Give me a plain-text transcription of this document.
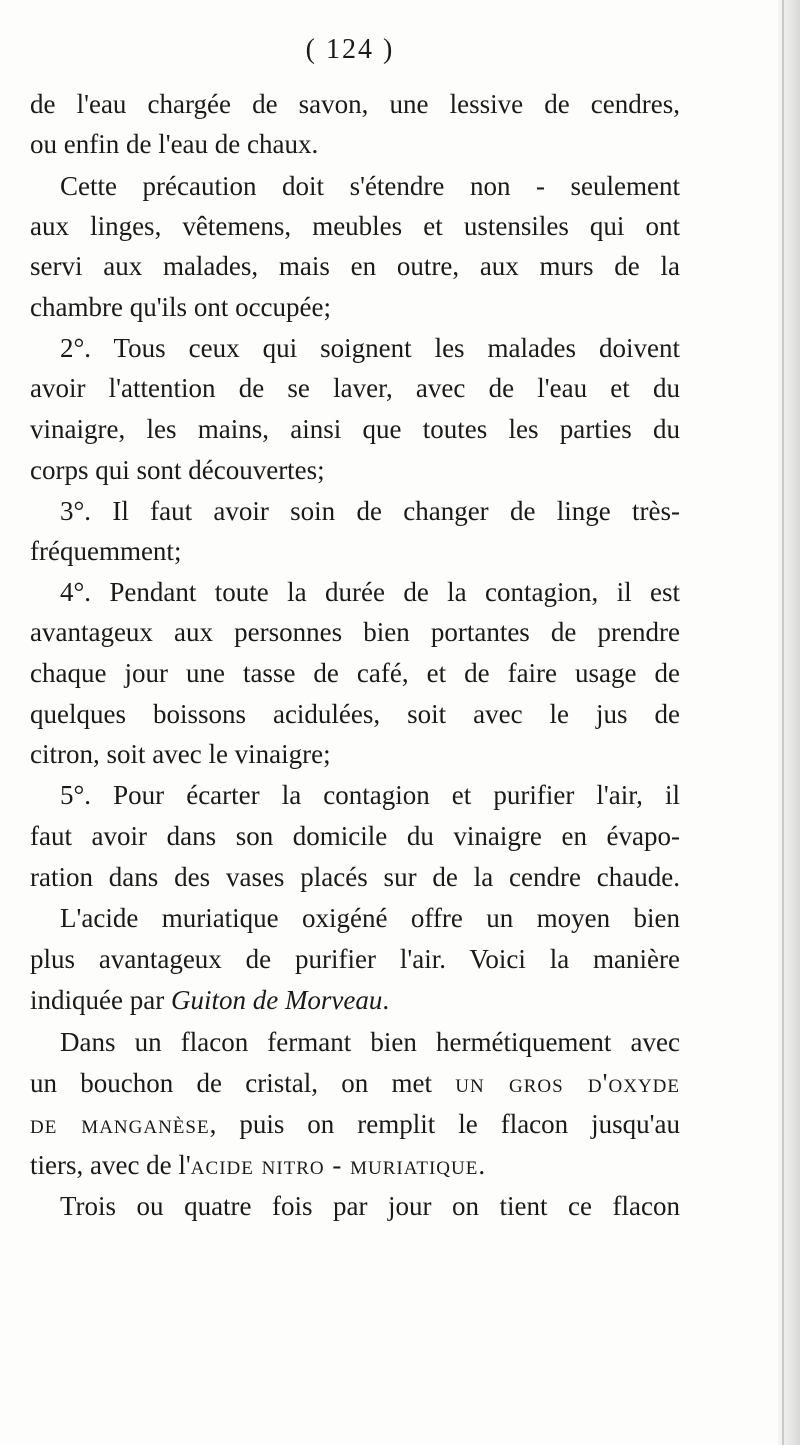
( 124 )
de l'eau chargée de savon, une lessive de cendres,
ou enfin de l'eau de chaux.
Cette précaution doit s'étendre non - seulement
aux linges, vêtemens, meubles et ustensiles qui ont
servi aux malades, mais en outre, aux murs de la
chambre qu'ils ont occupée;
2°. Tous ceux qui soignent les malades doivent
avoir l'attention de se laver, avec de l'eau et du
vinaigre, les mains, ainsi que toutes les parties du
corps qui sont découvertes;
3°. Il faut avoir soin de changer de linge très-
fréquemment;
4°. Pendant toute la durée de la contagion, il est
avantageux aux personnes bien portantes de prendre
chaque jour une tasse de café, et de faire usage de
quelques boissons acidulées, soit avec le jus de
citron, soit avec le vinaigre;
5°. Pour écarter la contagion et purifier l'air, il
faut avoir dans son domicile du vinaigre en évapo-
ration dans des vases placés sur de la cendre chaude.
L'acide muriatique oxigéné offre un moyen bien
plus avantageux de purifier l'air. Voici la manière
indiquée par Guiton de Morveau.
Dans un flacon fermant bien hermétiquement avec
un bouchon de cristal, on met un gros d'oxyde
de manganèse, puis on remplit le flacon jusqu'au
tiers, avec de l'acide nitro - muriatique.
Trois ou quatre fois par jour on tient ce flacon
